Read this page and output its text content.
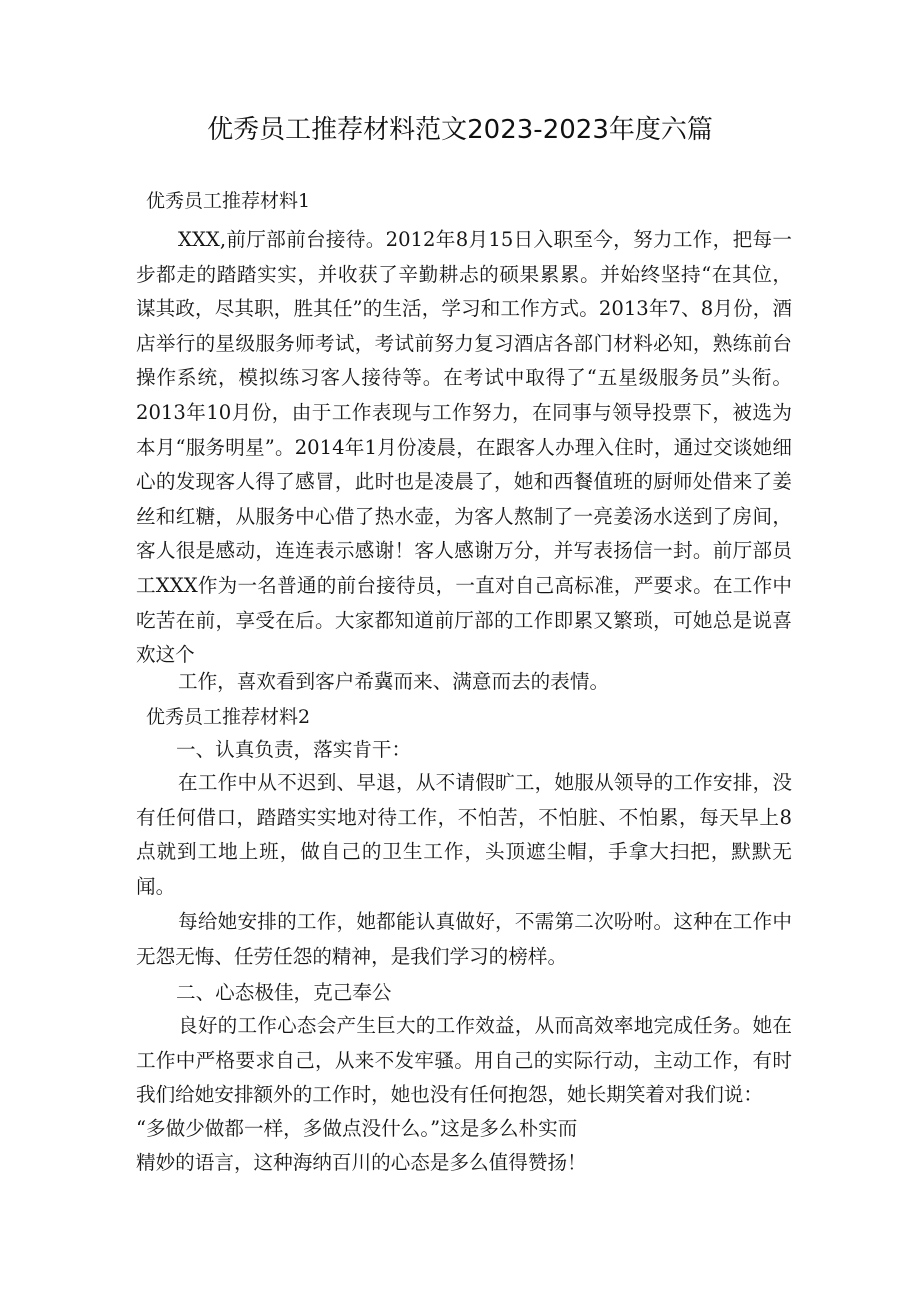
优秀员工推荐材料范文2023-2023年度六篇
优秀员工推荐材料1
XXX,前厅部前台接待。2012年8月15日入职至今，努力工作，把每一步都走的踏踏实实，并收获了辛勤耕忐的硕果累累。并始终坚持“在其位，谋其政，尽其职，胜其任”的生活，学习和工作方式。2013年7、8月份，酒店举行的星级服务师考试，考试前努力复习酒店各部门材料必知，熟练前台操作系统，模拟练习客人接待等。在考试中取得了“五星级服务员”头衔。2013年10月份，由于工作表现与工作努力，在同事与领导投票下，被选为本月“服务明星”。2014年1月份凌晨，在跟客人办理入住时，通过交谈她细心的发现客人得了感冒，此时也是凌晨了，她和西餐值班的厨师处借来了姜丝和红糖，从服务中心借了热水壶，为客人熬制了一亮姜汤水送到了房间，客人很是感动，连连表示感谢！客人感谢万分，并写表扬信一封。前厅部员工XXX作为一名普通的前台接待员，一直对自己高标准，严要求。在工作中吃苦在前，享受在后。大家都知道前厅部的工作即累又繁琐，可她总是说喜欢这个
工作，喜欢看到客户希冀而来、满意而去的表情。
优秀员工推荐材料2
一、认真负责，落实肯干：
在工作中从不迟到、早退，从不请假旷工，她服从领导的工作安排，没有任何借口，踏踏实实地对待工作，不怕苦，不怕脏、不怕累，每天早上8点就到工地上班，做自己的卫生工作，头顶遮尘帽，手拿大扫把，默默无闻。
每给她安排的工作，她都能认真做好，不需第二次吩咐。这种在工作中无怨无悔、任劳任怨的精神，是我们学习的榜样。
二、心态极佳，克己奉公
良好的工作心态会产生巨大的工作效益，从而高效率地完成任务。她在工作中严格要求自己，从来不发牢骚。用自己的实际行动，主动工作，有时我们给她安排额外的工作时，她也没有任何抱怨，她长期笑着对我们说：
“多做少做都一样，多做点没什么。”这是多么朴实而
精妙的语言，这种海纳百川的心态是多么值得赞扬！
